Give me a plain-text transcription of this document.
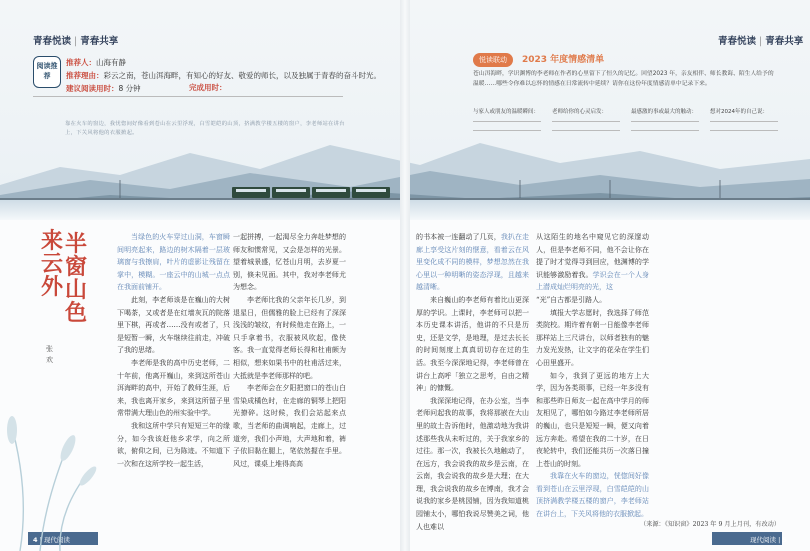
青春悦读 | 青春共享	青春悦读 | 青春共享
阅读推荐
推荐人：山海有静
推荐理由：彩云之南，苍山洱海畔，有知心的好友、敬爱的师长，以及独属于青春的奋斗时光。
建议阅读用时：8 分钟	完成用时：
靠在火车的窗边，我忧惚间好像看到苍山在云里浮现，白雪皑皑的山顶，挤满教学楼五楼的窗户，李老师站在讲台上，下关风将他的衣服掀起。
悦读联动	2023 年度情感清单
苍山洱海畔，学识渊博的李老师在作者的心里留下了恒久的记忆。回望2023 年，亲友相伴、师长教诲、陌生人给予的温暖……哪些令你难以忘怀的情感在日常流转中延续？请你在这份年度情感清单中记录下来。
与家人或朋友的温暖瞬间：	老师给你的心灵启发：	最感激的事或最大的触动：	想对2024年的自己说：
来云外
半窗山色
张欢

当绿色的火车穿过山洞，车窗瞬间明亮起来，路边的树木隔着一层玻璃窗与我擦肩，叶片的虚影让残留在掌中，模糊。一座云中的山城一点点在我面前铺开。

此刻，李老师该是在巍山的大树下喝茶，又或者是在红墙灰瓦的院落里下棋，再或者……没有或者了，只是短暂一瞬，火车继续往前走，冲破了我的思绪。

李老师是我的高中历史老师，二十年前，他离开巍山，来到这所苍山洱海畔的高中，开始了教师生涯，后来，我也离开家乡，来到这所留子里常带满大理山色的州实验中学。

我和这所中学只有短短三年的缘分，如今我该赶他乡求学，向之所欲，俯仰之间，已为陈迹。不知道下一次和在这所学校一起生活，

一起拼搏，一起渴尽全力奔赴梦想的师友和惯常见，又会是怎样的光景。望着城景盛，忆苍山月明，去岁夏一别，倏未见面。其中，我对李老师尤为想念。

李老师比我的父亲年长几岁，到退星日，但儒雅的脸上已经有了深深浅浅的皱纹，有时候他走在路上，一只手拿着书，衣服被风吹起，像侠客。我一直觉得老师长得和杜甫颇为相似，想来如果书中的杜甫活过来，大抵就是李老师那样的吧。

李老师会在夕阳把窗口的苍山白雪染成橘色时，在走廊的铜琴上把阳光撩碎。这时候，我们会站起来点歌，当老师的曲调响起，走廊上，过道旁，我们小声地，大声地和着，裤子依旧黏在腿上，笔依然握在手里。风过，谍桌上堆得高高

的书本被一连翻动了几页，我扒在走廊上享受这片刻的惬意，看着云在风里变化成不同的模样，梦想忽然在我心里以一种明晰的姿态浮现，且越来越清晰。

来自巍山的李老师有着比山更深厚的学识。上课时，李老师可以把一本历史课本讲活，他讲的不只是历史，还是文学，是地理，是过去长长的时间刻度上真真切切存在过的生活。我至今深深地记得，李老师曾在讲台上高呼「独立之思考，自由之精神」的慷慨。

我深深地记得，在办公室，当李老师问起我的故事，我将那嵌在大山里的故土告诉他时，他激动地为我讲述那些我从未听过的，关于我家乡的过往。那一次，我被长久地触动了，在远方，我会说我的故乡是云南，在云南，我会说我的故乡是大理；在大理，我会说我的故乡在博南，我才会说我的家乡是桃园铺，因为我知道桃园铺太小，哪怕我说尽赞美之词，他人也难以

从这陌生的地名中窥见它的深邃动人，但是李老师不同，他不会让你在提了时才觉得寻到回应，他渊博的学识能够激励着我。学识会在一个人身上潜成灿烂明亮的光，这

“光”自古都是引路人。

填报大学志愿时，我选择了师范类院校。期许着有朝一日能像李老师那样站上三尺讲台，以师者独有的魅力发光发热，让文字的花朵在学生们心田里盛开。

如今，我到了更远的地方上大学，因为各类琐事，已经一年多没有和那些昨日师友一起在高中学月的师友相见了，哪怕如今路过李老师所居的巍山，也只是短短一瞬，便又向着远方奔赴。希望在我的二十岁，在日夜轮转中，我们还能共历一次落日撞上苍山的时刻。

我靠在火车的窗边，恍惚间好像看到苍山在云里浮现，白雪皑皑的山顶挤满教学楼五楼的窗户，李老师站在讲台上，下关风将他的衣服掀起。

（来源：《知识窗》2023 年 9 月上月刊，有改动）
4 | 现代阅读	现代阅读 | 5
